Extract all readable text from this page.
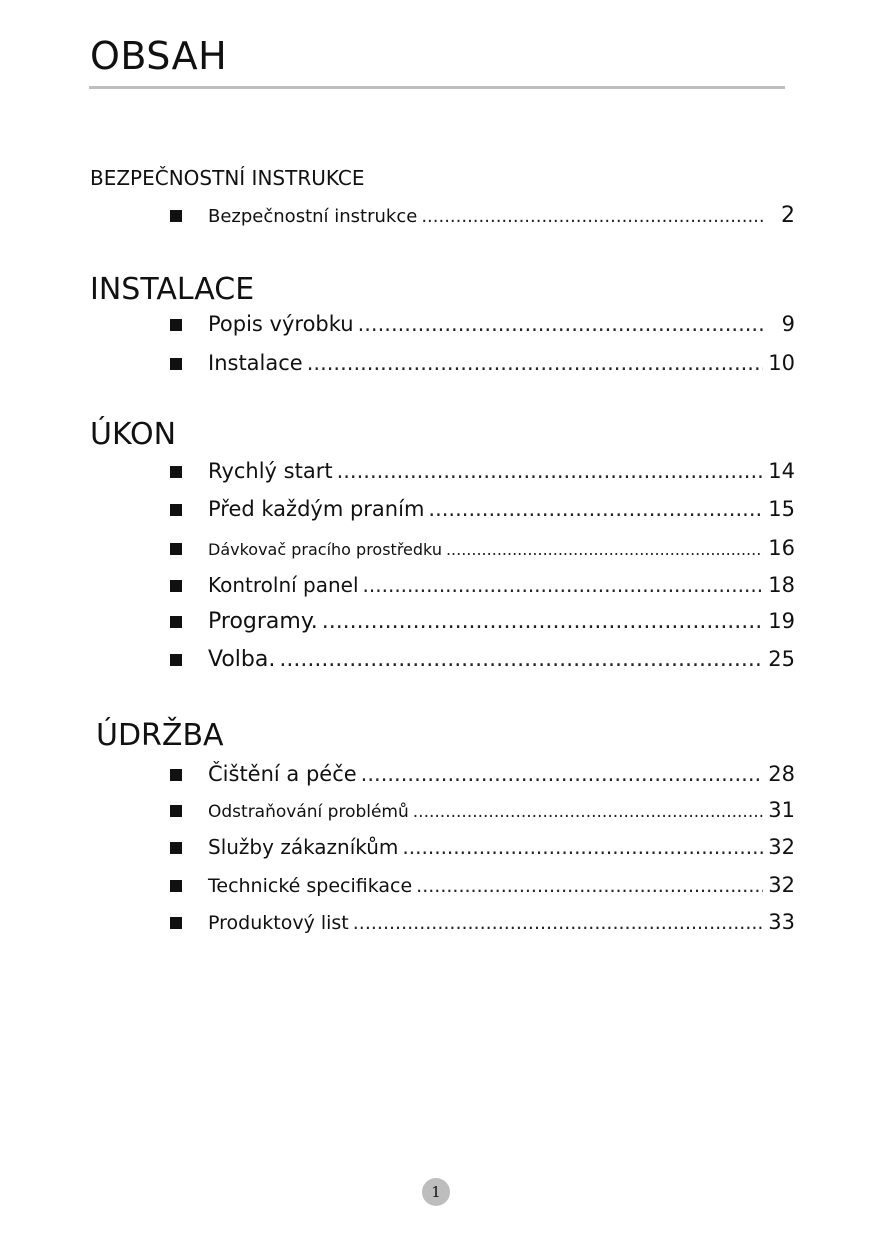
OBSAH
BEZPEČNOSTNÍ INSTRUKCE
Bezpečnostní instrukce .....	2
INSTALACE
Popis výrobku .....	9
Instalace .....	10
ÚKON
Rychlý start .....	14
Před každým praním .....	15
Dávkovač pracího prostředku .....	16
Kontrolní panel .....	18
Programy. .....	19
Volba. .....	25
ÚDRŽBA
Čištění a péče .....	28
Odstraňování problémů .....	31
Služby zákazníkům .....	32
Technické specifikace .....	32
Produktový list .....	33
1
